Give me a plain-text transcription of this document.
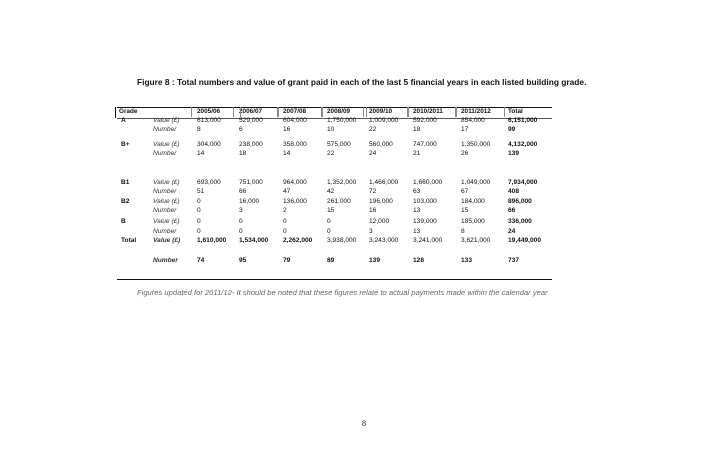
Figure 8 : Total numbers and value of grant paid in each of the last 5 financial years in each listed building grade.
Grade	2005/06	2006/07	2007/08	2008/09	2009/10	2010/2011	2011/2012	Total
A	Value (£)	613,000	529,000	604,000	1,750,000 1,009,000 592,000	854,000	6,151,000
Number	8	6	16	10	22	18	17	99
B+	Value (£)	304,000	238,000	358,000	575,000	560,000	747,000	1,350,000	4,132,000
Number	14	18	14	22	24	21	26	139
B1	Value (£)	693,000	751,000	964,000	1,352,000 1,466,000 1,660,000	1,049,000	7,934,000
Number	51	66	47	42	72	63	67	408
B2	Value (£)	0	16,000	136,000	261,000	196,000	103,000	184,000	896,000
Number	0	3	2	15	16	13	15	66
B	Value (£)	0	0	0	0	12,000	139,000	185,000	336,000
Number	0	0	0	0	3	13	8	24
Total	Value (£)	1,610,000 1,534,000 2,262,000 3,938,000 3,243,000 3,241,000	3,621,000	19,449,000
Number	74	95	79	89	139	128	133	737
Figures updated for 2011/12- It should be noted that these figures relate to actual payments made within the calendar year
8
